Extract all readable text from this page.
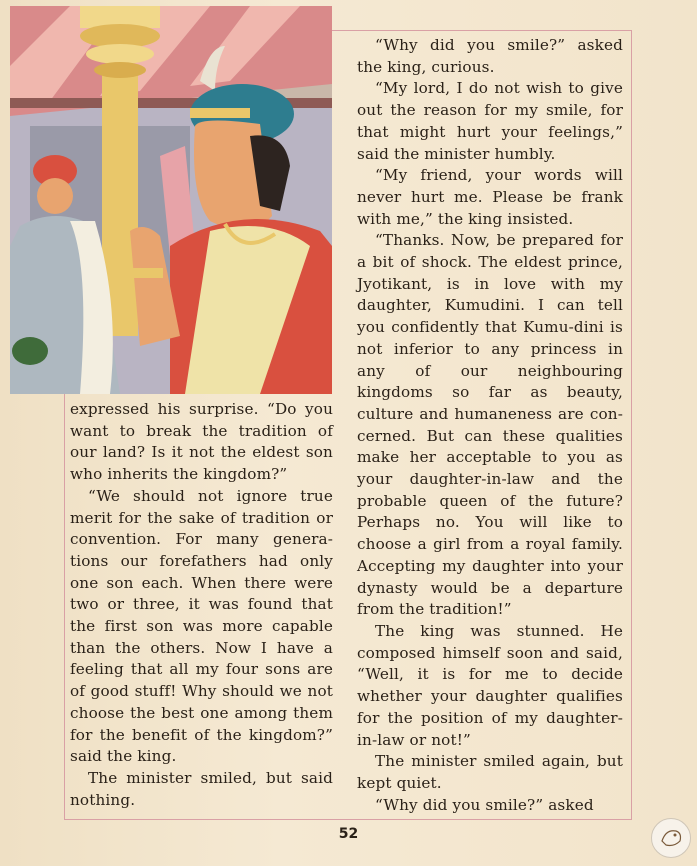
expressed his surprise. “Do you want to break the tradition of our land? Is it not the eldest son who inherits the kingdom?”

“We should not ignore true merit for the sake of tradition or convention. For many genera-tions our forefathers had only one son each. When there were two or three, it was found that the first son was more capable than the others. Now I have a feeling that all my four sons are of good stuff! Why should we not choose the best one among them for the benefit of the kingdom?” said the king.

The minister smiled, but said nothing.

“Why did you smile?” asked the king, curious.

“My lord, I do not wish to give out the reason for my smile, for that might hurt your feelings,” said the minister humbly.

“My friend, your words will never hurt me. Please be frank with me,” the king insisted.

“Thanks. Now, be prepared for a bit of shock. The eldest prince, Jyotikant, is in love with my daughter, Kumudini. I can tell you confidently that Kumu-dini is not inferior to any princess in any of our neighbouring kingdoms so far as beauty, culture and humaneness are con-cerned. But can these qualities make her acceptable to you as your daughter-in-law and the probable queen of the future? Perhaps no. You will like to choose a girl from a royal family. Accepting my daughter into your dynasty would be a departure from the tradition!”

The king was stunned. He composed himself soon and said, “Well, it is for me to decide whether your daughter qualifies for the position of my daughter-in-law or not!”

The minister smiled again, but kept quiet.

“Why did you smile?” asked

52
